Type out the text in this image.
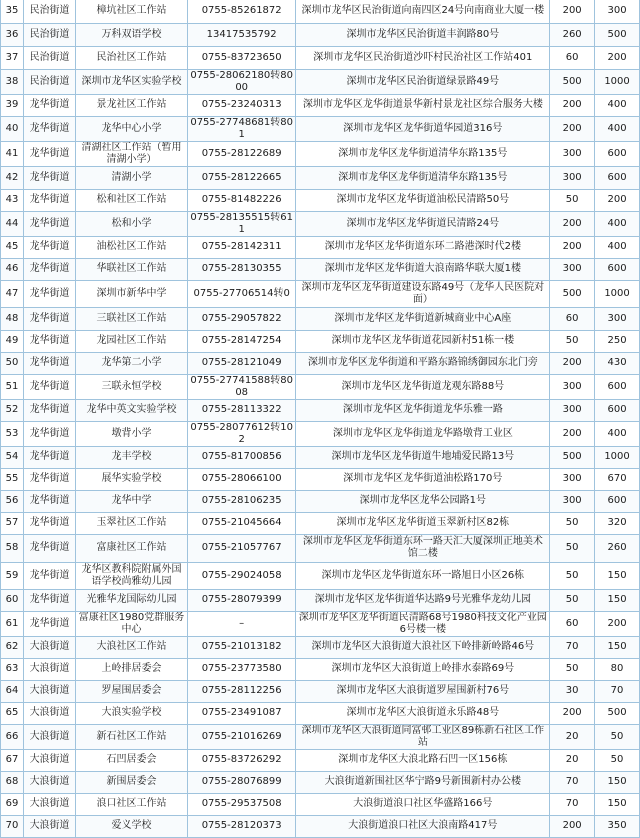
35	民治街道	樟坑社区工作站	0755-85261872	深圳市龙华区民治街道向南四区24号向南商业大厦一楼	200	300
36	民治街道	万科双语学校	13417535792	深圳市龙华区民治街道丰润路80号	260	500
37	民治街道	民治社区工作站	0755-83723650	深圳市龙华区民治街道沙吓村民治社区工作站401	60	200
38	民治街道	深圳市龙华区实验学校	0755-28062180转8000	深圳市龙华区民治街道绿景路49号	500	1000
39	龙华街道	景龙社区工作站	0755-23240313	深圳市龙华区龙华街道景华新村景龙社区综合服务大楼	200	400
40	龙华街道	龙华中心小学	0755-27748681转801	深圳市龙华区龙华街道华园道316号	200	400
41	龙华街道	清湖社区工作站（暂用清湖小学）	0755-28122689	深圳市龙华区龙华街道清华东路135号	300	600
42	龙华街道	清湖小学	0755-28122665	深圳市龙华区龙华街道清华东路135号	300	600
43	龙华街道	松和社区工作站	0755-81482226	深圳市龙华区龙华街道油松民清路50号	50	200
44	龙华街道	松和小学	0755-28135515转611	深圳市龙华区龙华街道民清路24号	200	400
45	龙华街道	油松社区工作站	0755-28142311	深圳市龙华区龙华街道东环二路港深时代2楼	200	400
46	龙华街道	华联社区工作站	0755-28130355	深圳市龙华区龙华街道大浪南路华联大厦1楼	300	600
47	龙华街道	深圳市新华中学	0755-27706514转0	深圳市龙华区龙华街道建设东路49号（龙华人民医院对面）	500	1000
48	龙华街道	三联社区工作站	0755-29057822	深圳市龙华区龙华街道新城商业中心A座	60	300
49	龙华街道	龙园社区工作站	0755-28147254	深圳市龙华区龙华街道花园新村51栋一楼	50	250
50	龙华街道	龙华第二小学	0755-28121049	深圳市龙华区龙华街道和平路东路锦绣御园东北门旁	200	430
51	龙华街道	三联永恒学校	0755-27741588转8008	深圳市龙华区龙华街道龙观东路88号	300	600
52	龙华街道	龙华中英文实验学校	0755-28113322	深圳市龙华区龙华街道龙华乐雅一路	300	600
53	龙华街道	墩背小学	0755-28077612转102	深圳市龙华区龙华街道龙华路墩背工业区	200	400
54	龙华街道	龙丰学校	0755-81700856	深圳市龙华区龙华街道牛地埔爱民路13号	500	1000
55	龙华街道	展华实验学校	0755-28066100	深圳市龙华区龙华街道油松路170号	300	670
56	龙华街道	龙华中学	0755-28106235	深圳市龙华区龙华公园路1号	300	600
57	龙华街道	玉翠社区工作站	0755-21045664	深圳市龙华区龙华街道玉翠新村区82栋	50	320
58	龙华街道	富康社区工作站	0755-21057767	深圳市龙华区龙华街道东环一路天汇大厦深圳正地美术馆二楼	50	260
59	龙华街道	龙华区教科院附属外国语学校尚雅幼儿园	0755-29024058	深圳市龙华区龙华街道东环一路旭日小区26栋	50	150
60	龙华街道	光雅华龙国际幼儿园	0755-28079399	深圳市龙华区龙华街道华达路9号光雅华龙幼儿园	50	150
61	龙华街道	富康社区1980党群服务中心	–	深圳市龙华区龙华街道民清路68号1980科技文化产业园6号楼一楼	60	200
62	大浪街道	大浪社区工作站	0755-21013182	深圳市龙华区大浪街道大浪社区下岭排新岭路46号	70	150
63	大浪街道	上岭排居委会	0755-23773580	深圳市龙华区大浪街道上岭排水泰路69号	50	80
64	大浪街道	罗屋围居委会	0755-28112256	深圳市龙华区大浪街道罗屋围新村76号	30	70
65	大浪街道	大浪实验学校	0755-23491087	深圳市龙华区大浪街道永乐路48号	200	500
66	大浪街道	新石社区工作站	0755-21016269	深圳市龙华区大浪街道同富邨工业区89栋新石社区工作站	20	50
67	大浪街道	石凹居委会	0755-83726292	深圳市龙华区大浪北路石凹一区156栋	20	50
68	大浪街道	新围居委会	0755-28076899	大浪街道新围社区华宁路9号新围新村办公楼	70	150
69	大浪街道	浪口社区工作站	0755-29537508	大浪街道浪口社区华盛路166号	70	150
70	大浪街道	爱义学校	0755-28120373	大浪街道浪口社区大浪南路417号	200	350
